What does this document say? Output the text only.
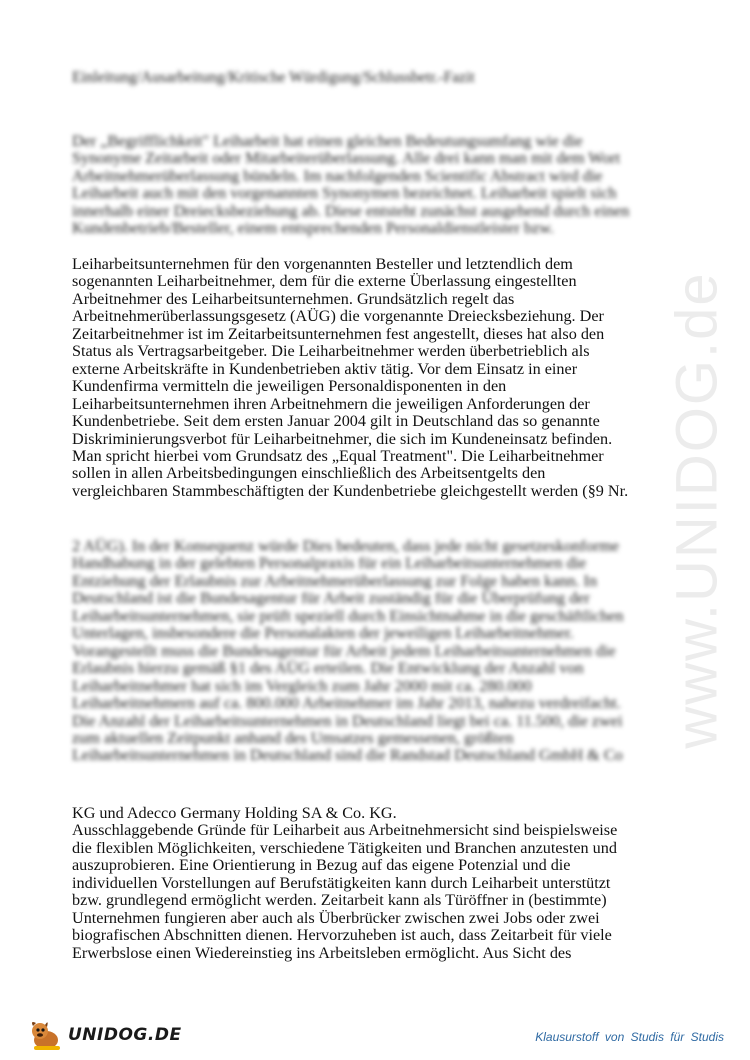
www.UNIDOG.de
Einleitung/Ausarbeitung/Kritische Würdigung/Schlussbetr.-Fazit
Der „Begrifflichkeit" Leiharbeit hat einen gleichen Bedeutungsumfang wie die
Synonyme Zeitarbeit oder Mitarbeiterüberlassung. Alle drei kann man mit dem Wort
Arbeitnehmerüberlassung bündeln. Im nachfolgenden Scientific Abstract wird die
Leiharbeit auch mit den vorgenannten Synonymen bezeichnet. Leiharbeit spielt sich
innerhalb einer Dreiecksbeziehung ab. Diese entsteht zunächst ausgehend durch einen
Kundenbetrieb/Besteller, einem entsprechenden Personaldienstleister bzw.
Leiharbeitsunternehmen für den vorgenannten Besteller und letztendlich dem
sogenannten Leiharbeitnehmer, dem für die externe Überlassung eingestellten
Arbeitnehmer des Leiharbeitsunternehmen. Grundsätzlich regelt das
Arbeitnehmerüberlassungsgesetz (AÜG) die vorgenannte Dreiecksbeziehung. Der
Zeitarbeitnehmer ist im Zeitarbeitsunternehmen fest angestellt, dieses hat also den
Status als Vertragsarbeitgeber. Die Leiharbeitnehmer werden überbetrieblich als
externe Arbeitskräfte in Kundenbetrieben aktiv tätig. Vor dem Einsatz in einer
Kundenfirma vermitteln die jeweiligen Personaldisponenten in den
Leiharbeitsunternehmen ihren Arbeitnehmern die jeweiligen Anforderungen der
Kundenbetriebe. Seit dem ersten Januar 2004 gilt in Deutschland das so genannte
Diskriminierungsverbot für Leiharbeitnehmer, die sich im Kundeneinsatz befinden.
Man spricht hierbei vom Grundsatz des „Equal Treatment". Die Leiharbeitnehmer
sollen in allen Arbeitsbedingungen einschließlich des Arbeitsentgelts den
vergleichbaren Stammbeschäftigten der Kundenbetriebe gleichgestellt werden (§9 Nr.
2 AÜG). In der Konsequenz würde Dies bedeuten, dass jede nicht gesetzeskonforme
Handhabung in der gelebten Personalpraxis für ein Leiharbeitsunternehmen die
Entziehung der Erlaubnis zur Arbeitnehmerüberlassung zur Folge haben kann. In
Deutschland ist die Bundesagentur für Arbeit zuständig für die Überprüfung der
Leiharbeitsunternehmen, sie prüft speziell durch Einsichtnahme in die geschäftlichen
Unterlagen, insbesondere die Personalakten der jeweiligen Leiharbeitnehmer.
Vorangestellt muss die Bundesagentur für Arbeit jedem Leiharbeitsunternehmen die
Erlaubnis hierzu gemäß §1 des AÜG erteilen. Die Entwicklung der Anzahl von
Leiharbeitnehmer hat sich im Vergleich zum Jahr 2000 mit ca. 280.000
Leiharbeitnehmern auf ca. 800.000 Arbeitnehmer im Jahr 2013, nahezu verdreifacht.
Die Anzahl der Leiharbeitsunternehmen in Deutschland liegt bei ca. 11.500, die zwei
zum aktuellen Zeitpunkt anhand des Umsatzes gemessenen, größten
Leiharbeitsunternehmen in Deutschland sind die Randstad Deutschland GmbH & Co
KG und Adecco Germany Holding SA & Co. KG.
Ausschlaggebende Gründe für Leiharbeit aus Arbeitnehmersicht sind beispielsweise
die flexiblen Möglichkeiten, verschiedene Tätigkeiten und Branchen anzutesten und
auszuprobieren. Eine Orientierung in Bezug auf das eigene Potenzial und die
individuellen Vorstellungen auf Berufstätigkeiten kann durch Leiharbeit unterstützt
bzw. grundlegend ermöglicht werden. Zeitarbeit kann als Türöffner in (bestimmte)
Unternehmen fungieren aber auch als Überbrücker zwischen zwei Jobs oder zwei
biografischen Abschnitten dienen. Hervorzuheben ist auch, dass Zeitarbeit für viele
Erwerbslose einen Wiedereinstieg ins Arbeitsleben ermöglicht. Aus Sicht des
UNIDOG.DE	Klausurstoff von Studis für Studis
